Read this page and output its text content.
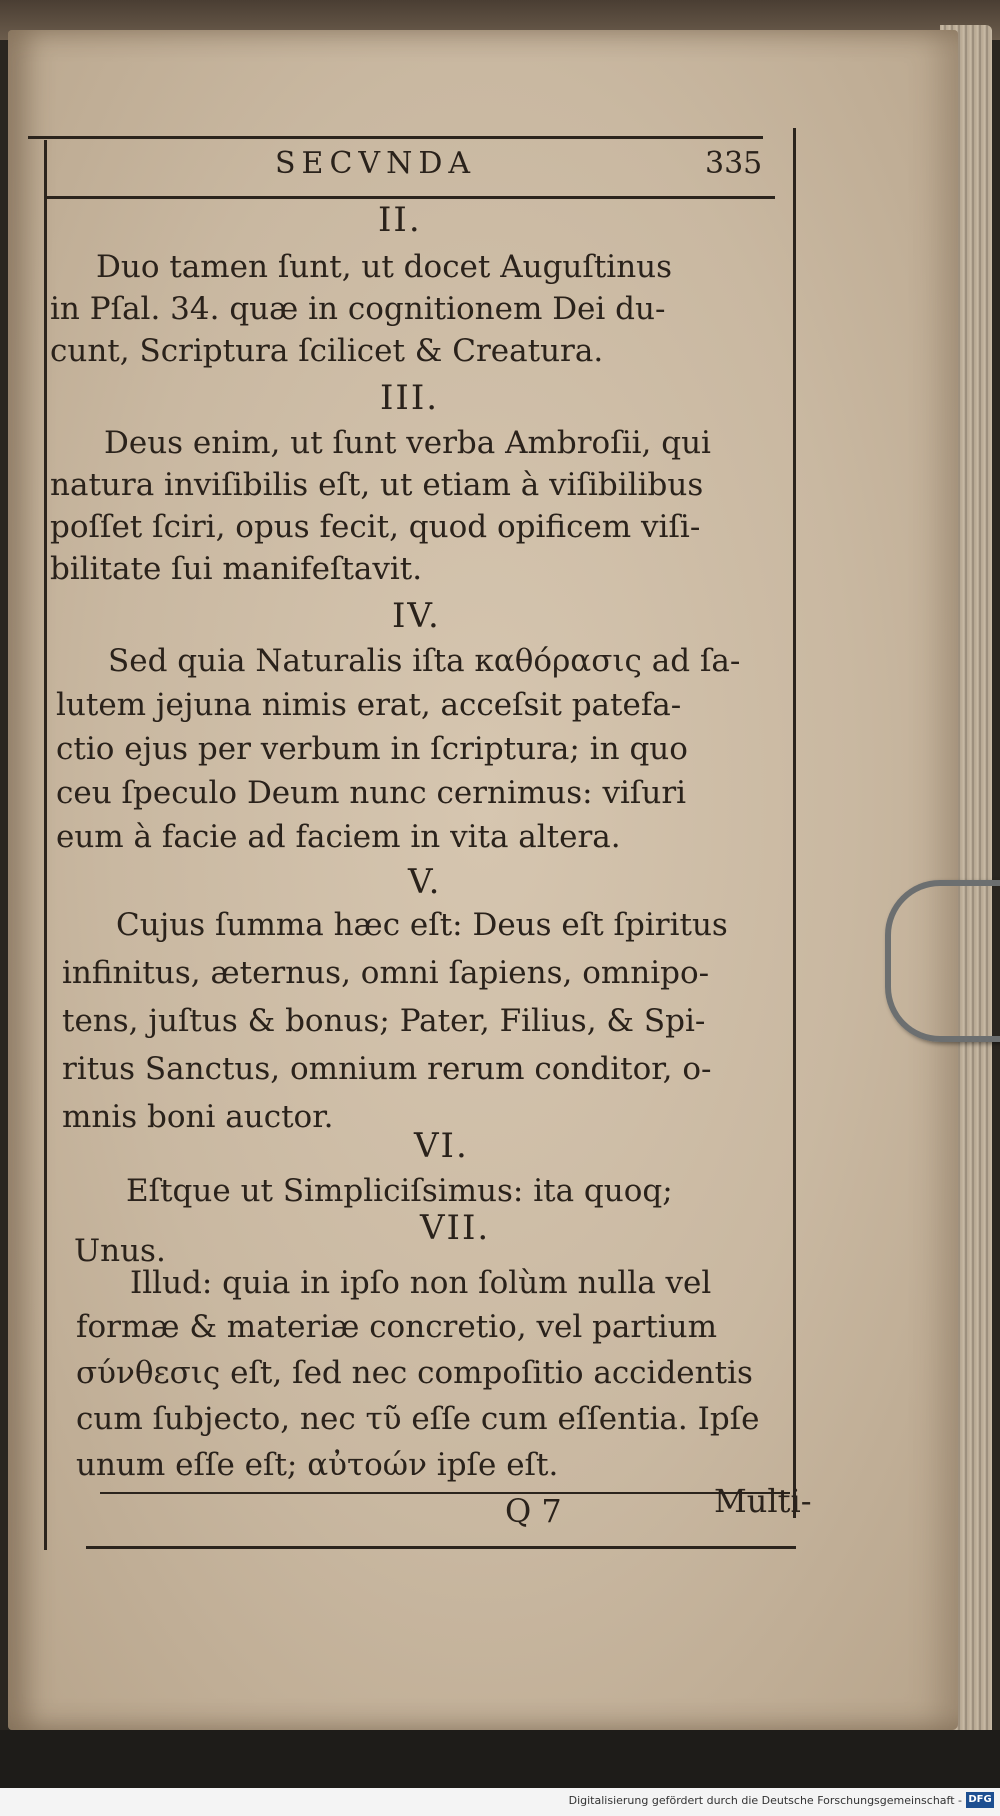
SECVNDA	335
II.
Duo tamen ſunt, ut docet Auguſtinus
in Pſal. 34. quæ in cognitionem Dei du-
cunt, Scriptura ſcilicet & Creatura.
III.
Deus enim, ut ſunt verba Ambroſii, qui
natura inviſibilis eſt, ut etiam à viſibilibus
poſſet ſciri, opus fecit, quod opificem viſi-
bilitate ſui manifeſtavit.
IV.
Sed quia Naturalis iſta καθόρασις ad ſa-
lutem jejuna nimis erat, acceſsit patefa-
ctio ejus per verbum in ſcriptura; in quo
ceu ſpeculo Deum nunc cernimus: viſuri
eum à facie ad faciem in vita altera.
V.
Cujus ſumma hæc eſt: Deus eſt ſpiritus
infinitus, æternus, omni ſapiens, omnipo-
tens, juſtus & bonus; Pater, Filius, & Spi-
ritus Sanctus, omnium rerum conditor, o-
mnis boni auctor.
VI.
Eſtque ut Simpliciſsimus: ita quoq;
Unus.
VII.
Illud: quia in ipſo non ſolùm nulla vel
formæ & materiæ concretio, vel partium
σύνθεσις eſt, ſed nec compoſitio accidentis
cum ſubjecto, nec τῦ eſſe cum eſſentia. Ipſe
unum eſſe eſt; αὐτοών ipſe eſt.
Q 7	Multi-
Digitalisierung gefördert durch die Deutsche Forschungsgemeinschaft - DFG
